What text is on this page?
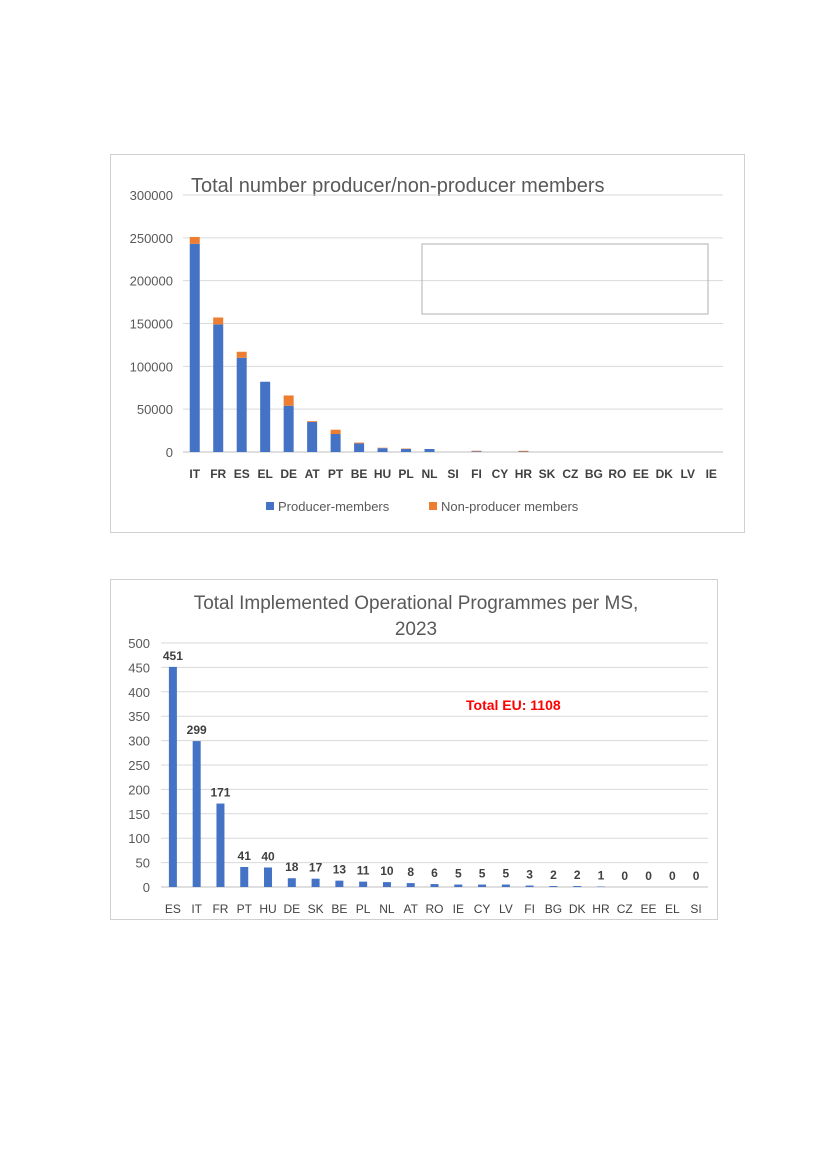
Total number producer/non-producer members
0
50000
100000
150000
200000
250000
300000
IT FR ES EL DE AT PT BE HU PL NL SI FI CY HR SK CZ BG RO EE DK LV IE
Producer-members	Non-producer members
Total Implemented Operational Programmes per MS,
2023
0
50
100
150
200
250
300
350
400
450
500
451
299
171
41 40
18 17 13 11 10 8 6 5 5 5 3 2 2 1 0 0 0 0
ES IT FR PT HU DE SK BE PL NL AT RO IE CY LV FI BG DK HR CZ EE EL SI
Total EU: 1108
